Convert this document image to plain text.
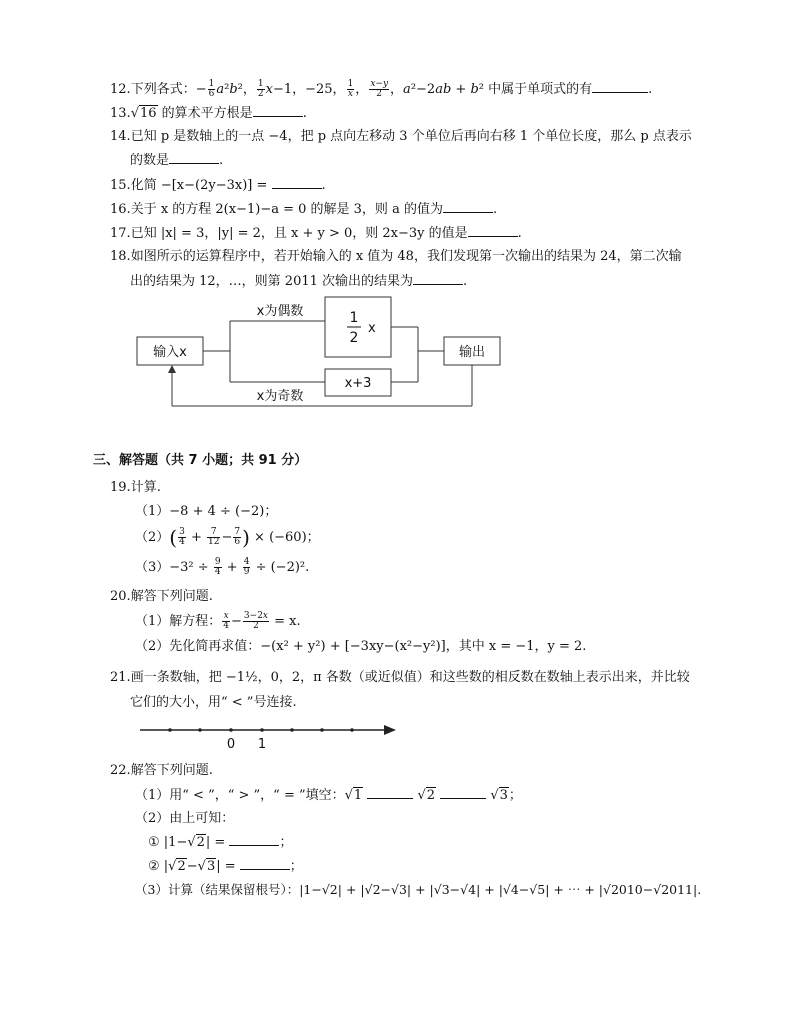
12.下列各式：− $\frac{1}{6} a^2b^2$， $\frac{1}{2} x-1$，−25， $\frac{1}{x}$ ， $\frac{x-y}{2}$ ，a²−2ab + b² 中属于单项式的有	.
13.√16 的算术平方根是	.
14.已知 p 是数轴上的一点 −4，把 p 点向左移动 3 个单位后再向右移 1 个单位长度，那么 p 点表示
的数是	.
15.化简 −[x−(2y−3x)] =	.
16.关于 x 的方程 2(x−1)−a = 0 的解是 3，则 a 的值为	.
17.已知 |x| = 3，|y| = 2，且 x + y > 0，则 2x−3y 的值是	.
18.如图所示的运算程序中，若开始输入的 x 值为 48，我们发现第一次输出的结果为 24，第二次输
出的结果为 12，…，则第 2011 次输出的结果为	.
输入x	输出
x为偶数
x为奇数
1
2
x
x+3
三、解答题（共 7 小题；共 91 分）
19.计算.
（1）−8 + 4 ÷ (−2)；
$(2)( \frac{3}{4} + \frac{7}{12} - \frac{7}{6}$ ) × (−60)；
$(3)-3^2 \div \frac{9}{4} + \frac{4}{9} \div (-2)^2$.
20.解答下列问题.
（1）解方程： $\frac{x}{4} - \frac{3-2x}{2} = x$.
（2）先化简再求值：−(x² + y²) + [−3xy−(x²−y²)]，其中 x = −1，y = 2.
21.画一条数轴，把 −1½，0，2，π 各数（或近似值）和这些数的相反数在数轴上表示出来，并比较
它们的大小，用“ < ”号连接.
0 1
22.解答下列问题.
（1）用“ < ”，“ > ”，“ = ”填空：√1	√2	√3；
（2）由上可知：
① |1−√2| =	；
② |√2−√3| =	；
（3）计算（结果保留根号）：|1−√2| + |√2−√3| + |√3−√4| + |√4−√5| + ⋯ + |√2010−√2011|.
